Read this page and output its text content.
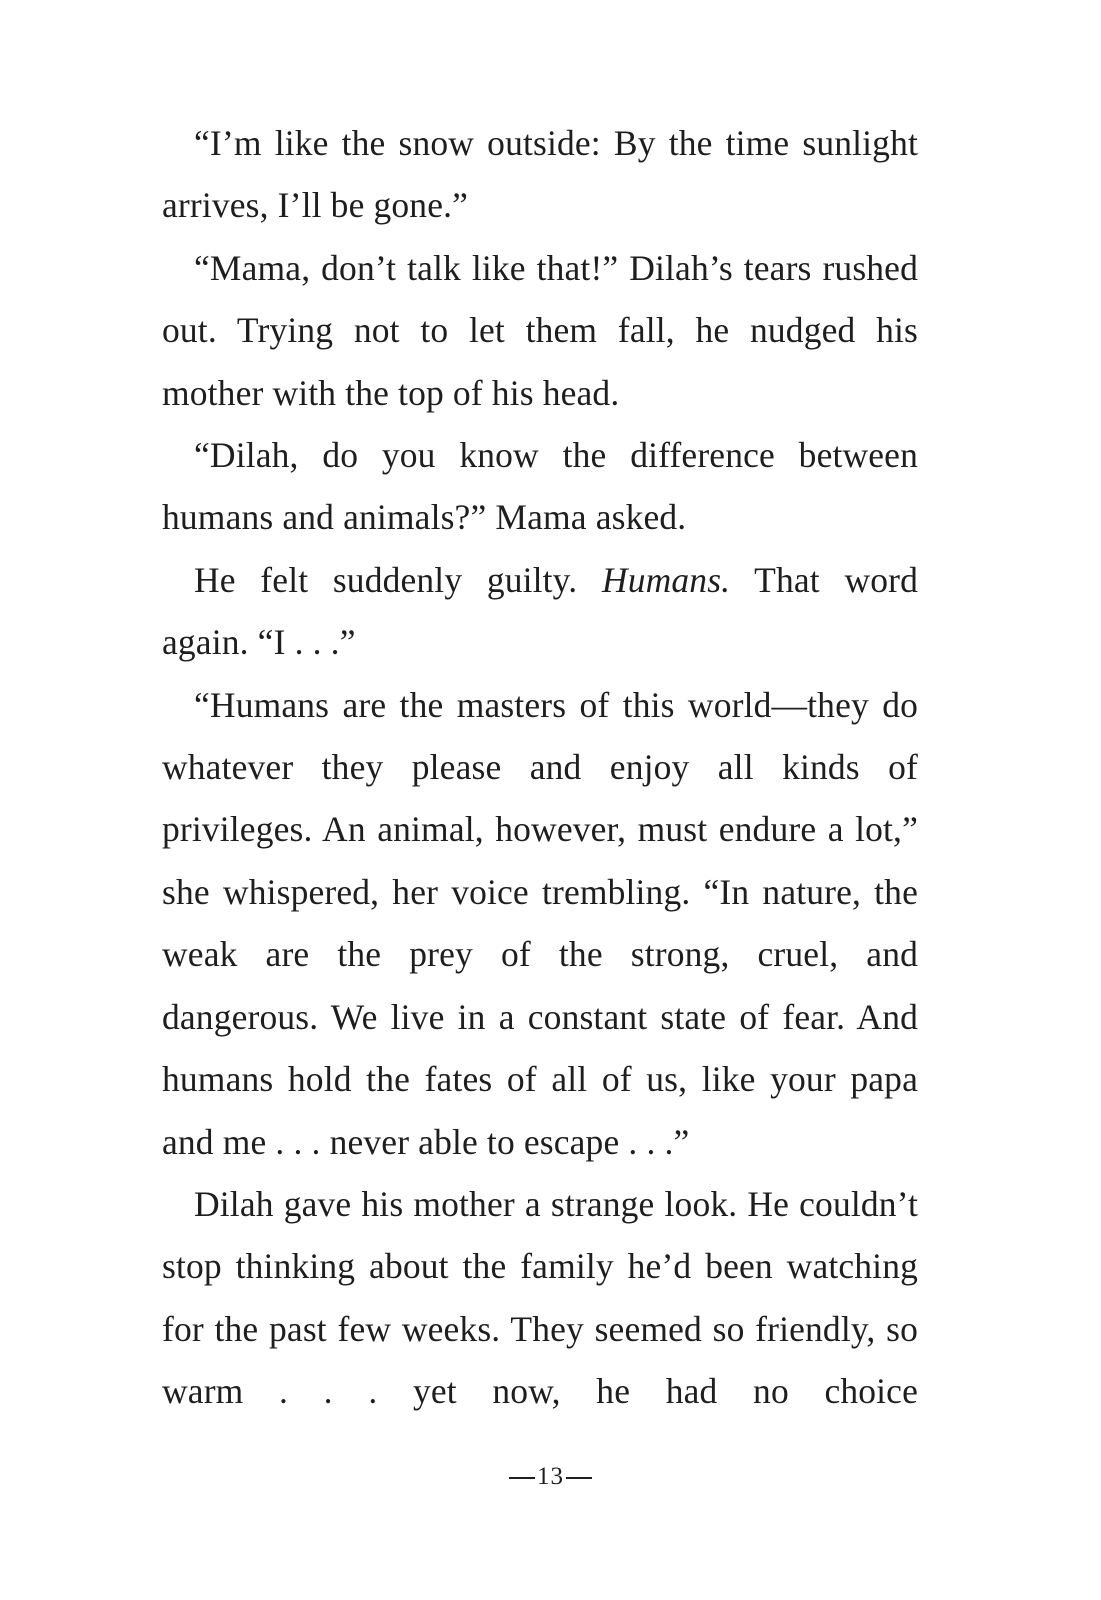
“I’m like the snow outside: By the time sunlight arrives, I’ll be gone.”

“Mama, don’t talk like that!” Dilah’s tears rushed out. Trying not to let them fall, he nudged his mother with the top of his head.

“Dilah, do you know the difference between humans and animals?” Mama asked.

He felt suddenly guilty. Humans. That word again. “I . . .”

“Humans are the masters of this world—they do whatever they please and enjoy all kinds of privileges. An animal, however, must endure a lot,” she whispered, her voice trembling. “In nature, the weak are the prey of the strong, cruel, and dangerous. We live in a constant state of fear. And humans hold the fates of all of us, like your papa and me . . . never able to escape . . .”

Dilah gave his mother a strange look. He couldn’t stop thinking about the family he’d been watching for the past few weeks. They seemed so friendly, so warm . . . yet now, he had no choice

13
